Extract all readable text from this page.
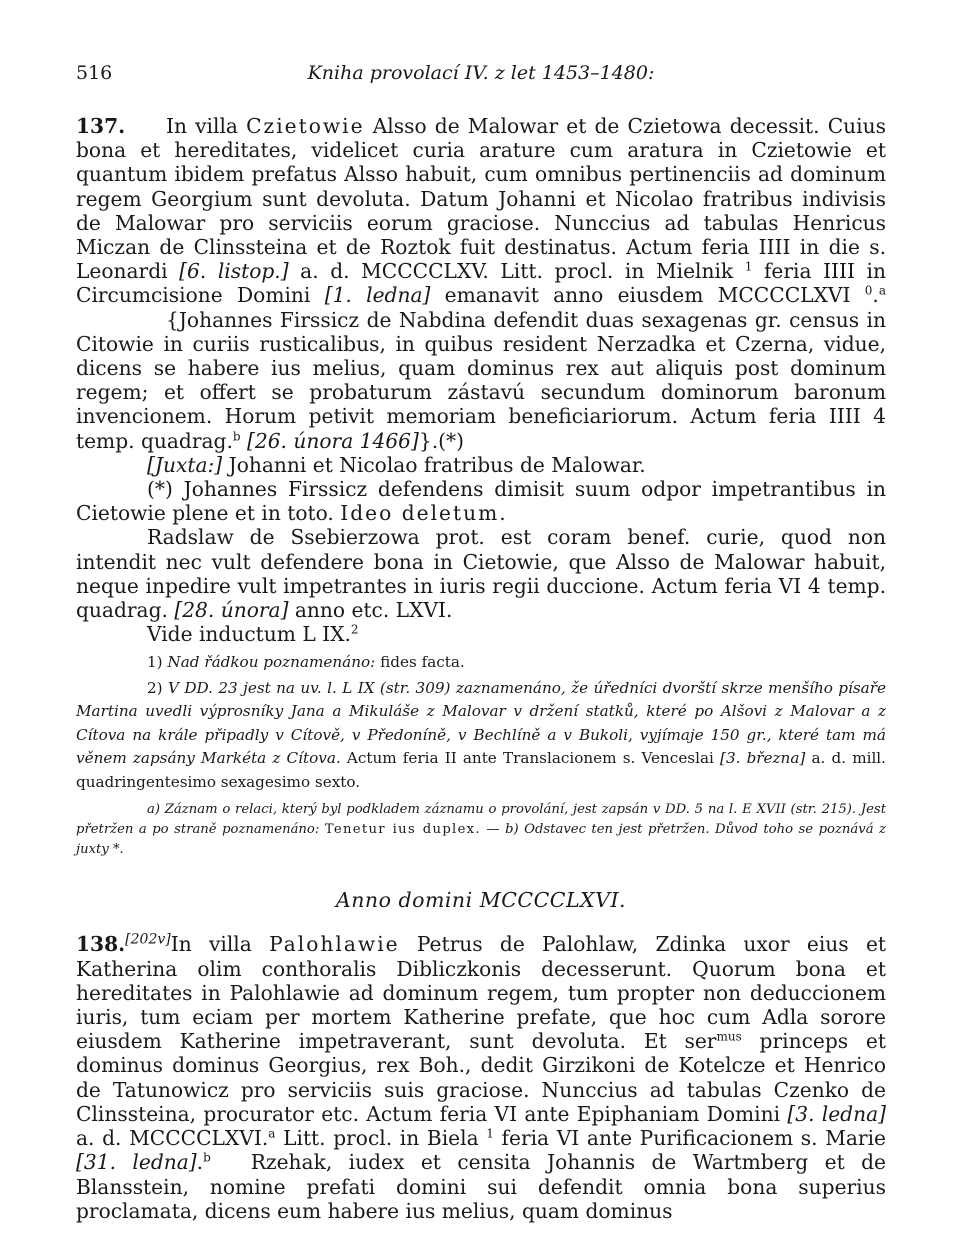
516	Kniha provolací IV. z let 1453–1480:

137. In villa Czietowie Alsso de Malowar et de Czietowa decessit. Cuius bona et hereditates, videlicet curia arature cum aratura in Czietowie et quantum ibidem prefatus Alsso habuit, cum omnibus pertinenciis ad dominum regem Georgium sunt devoluta. Datum Johanni et Nicolao fratribus indivisis de Malowar pro serviciis eorum graciose. Nunccius ad tabulas Henricus Miczan de Clinssteina et de Roztok fuit destinatus. Actum feria IIII in die s. Leonardi [6. listop.] a. d. MCCCCLXV. Litt. procl. in Mielnik $^1$ feria IIII in Circumcisione Domini [1. ledna] emanavit anno eiusdem MCCCCLXVI $^0$.$^a${Johannes Firssicz de Nabdina defendit duas sexagenas gr. census in Citowie in curiis rusticalibus, in quibus resident Nerzadka et Czerna, vidue, dicens se habere ius melius, quam dominus rex aut aliquis post dominum regem; et offert se probaturum zástavú secundum dominorum baronum invencionem. Horum petivit memoriam beneficiariorum. Actum feria IIII 4 temp. quadrag.$^b$ [26. února 1466]}.(*)

[Juxta:] Johanni et Nicolao fratribus de Malowar.

(*) Johannes Firssicz defendens dimisit suum odpor impetrantibus in Cietowie plene et in toto. Ideo deletum.

Radslaw de Ssebierzowa prot. est coram benef. curie, quod non intendit nec vult defendere bona in Cietowie, que Alsso de Malowar habuit, neque inpedire vult impetrantes in iuris regii duccione. Actum feria VI 4 temp. quadrag. [28. února] anno etc. LXVI.

Vide inductum L IX.$^2$

1) Nad řádkou poznamenáno: fides facta.

2) V DD. 23 jest na uv. l. L IX (str. 309) zaznamenáno, že úředníci dvorští skrze menšího písaře Martina uvedli výprosníky Jana a Mikuláše z Malovar v držení statků, které po Alšovi z Malovar a z Cítova na krále připadly v Cítově, v Předoníně, v Bechlíně a v Bukoli, vyjímaje 150 gr., které tam má věnem zapsány Markéta z Cítova. Actum feria II ante Translacionem s. Venceslai [3. března] a. d. mill. quadringentesimo sexagesimo sexto.

a) Záznam o relaci, který byl podkladem záznamu o provolání, jest zapsán v DD. 5 na l. E XVII (str. 215). Jest přetržen a po straně poznamenáno: Tenetur ius duplex. — b) Odstavec ten jest přetržen. Důvod toho se poznává z juxty *.

Anno domini MCCCCLXVI.

138.[202v]In villa Palohlawie Petrus de Palohlaw, Zdinka uxor eius et Katherina olim conthoralis Dibliczkonis decesserunt. Quorum bona et hereditates in Palohlawie ad dominum regem, tum propter non deduccionem iuris, tum eciam per mortem Katherine prefate, que hoc cum Adla sorore eiusdem Katherine impetraverant, sunt devoluta. Et ser$^{mus}$ princeps et dominus dominus Georgius, rex Boh., dedit Girzikoni de Kotelcze et Henrico de Tatunowicz pro serviciis suis graciose. Nunccius ad tabulas Czenko de Clinssteina, procurator etc. Actum feria VI ante Epiphaniam Domini [3. ledna] a. d. MCCCCLXVI.$^a$ Litt. procl. in Biela $^1$ feria VI ante Purificacionem s. Marie [31. ledna].$^b$ Rzehak, iudex et censita Johannis de Wartmberg et de Blansstein, nomine prefati domini sui defendit omnia bona superius proclamata, dicens eum habere ius melius, quam dominus
